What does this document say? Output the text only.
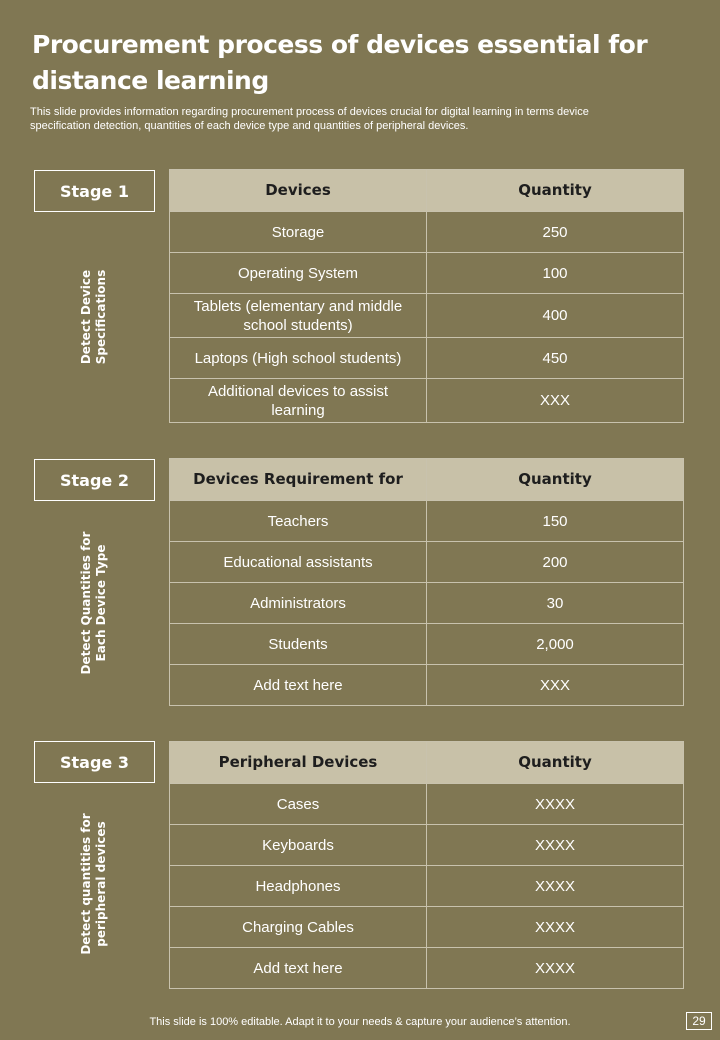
Procurement process of devices essential for distance learning
This slide provides information regarding procurement process of devices crucial for digital learning in terms device specification detection, quantities of each device type and quantities of peripheral devices.
Stage 1
Detect Device Specifications
Devices	Quantity
Storage	250
Operating System	100
Tablets (elementary and middle school students)	400
Laptops (High school students)	450
Additional devices to assist learning	XXX
Stage 2
Detect Quantities for Each Device Type
Devices Requirement for	Quantity
Teachers	150
Educational assistants	200
Administrators	30
Students	2,000
Add text here	XXX
Stage 3
Detect quantities for peripheral devices
Peripheral Devices	Quantity
Cases	XXXX
Keyboards	XXXX
Headphones	XXXX
Charging Cables	XXXX
Add text here	XXXX
This slide is 100% editable. Adapt it to your needs & capture your audience’s attention.	29
